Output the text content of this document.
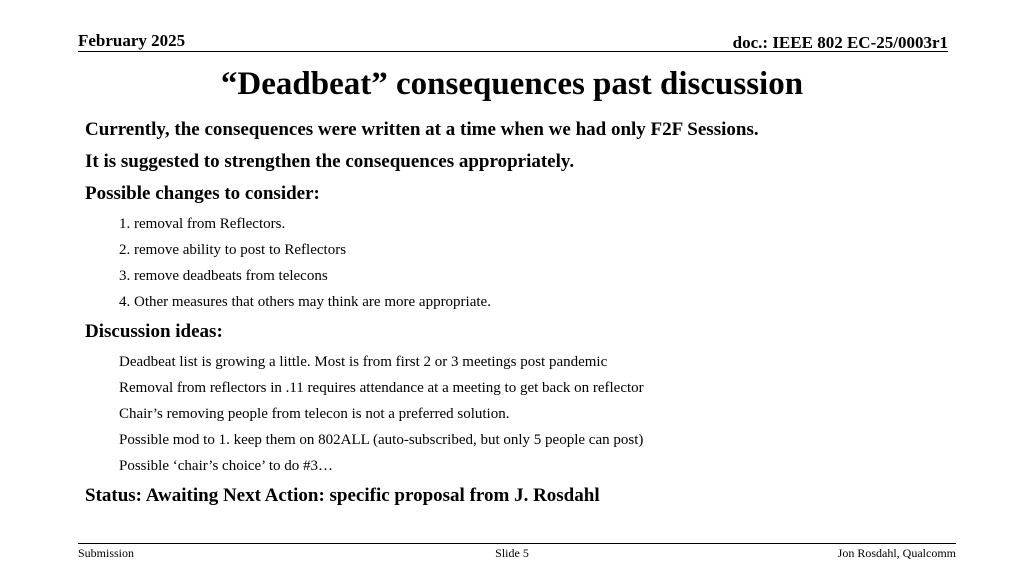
February 2025	doc.: IEEE 802 EC-25/0003r1
“Deadbeat” consequences past discussion
Currently, the consequences were written at a time when we had only F2F Sessions.
It is suggested to strengthen the consequences appropriately.
Possible changes to consider:
1. removal from Reflectors.
2. remove ability to post to Reflectors
3. remove deadbeats from telecons
4. Other measures that others may think are more appropriate.
Discussion ideas:
Deadbeat list is growing a little. Most is from first 2 or 3 meetings post pandemic
Removal from reflectors in .11 requires attendance at a meeting to get back on reflector
Chair’s removing people from telecon is not a preferred solution.
Possible mod to 1. keep them on 802ALL (auto-subscribed, but only 5 people can post)
Possible ‘chair’s choice’ to do #3…
Status: Awaiting Next Action: specific proposal from J. Rosdahl
Submission	Slide 5	Jon Rosdahl, Qualcomm
